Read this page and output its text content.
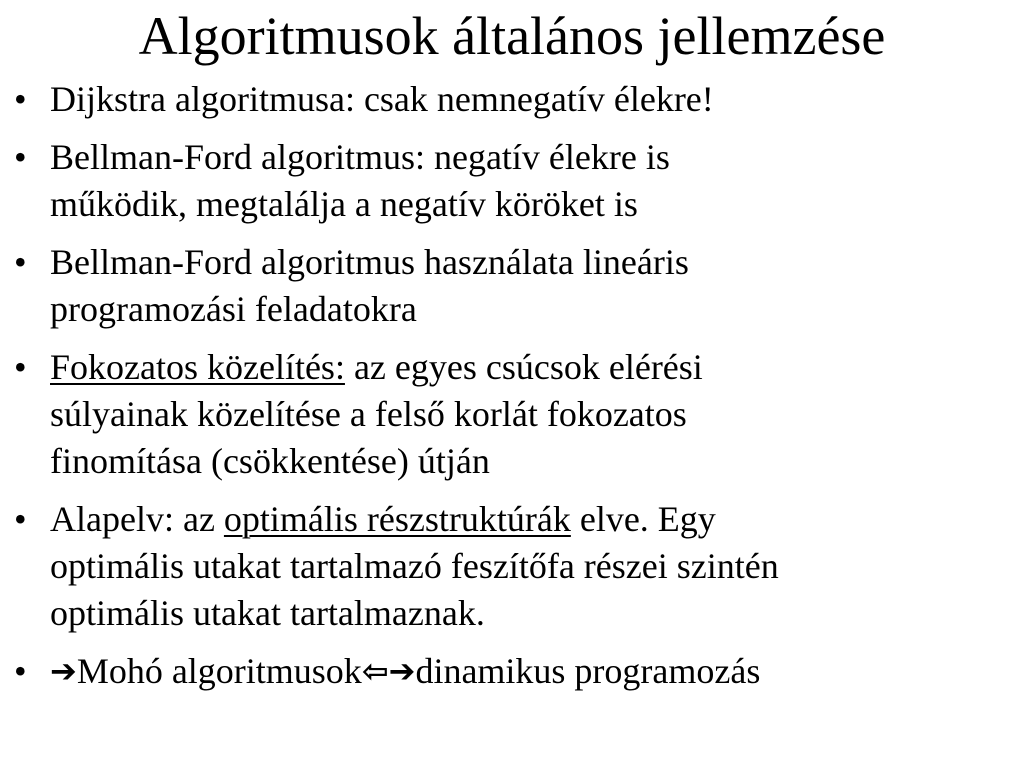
Algoritmusok általános jellemzése
• Dijkstra algoritmusa: csak nemnegatív élekre!
• Bellman-Ford algoritmus: negatív élekre is
működik, megtalálja a negatív köröket is
• Bellman-Ford algoritmus használata lineáris
programozási feladatokra
• Fokozatos közelítés: az egyes csúcsok elérési
súlyainak közelítése a felső korlát fokozatos
finomítása (csökkentése) útján
• Alapelv: az optimális részstruktúrák elve. Egy
optimális utakat tartalmazó feszítőfa részei szintén
optimális utakat tartalmaznak.
• ➔Mohó algoritmusok⇦➔dinamikus programozás
